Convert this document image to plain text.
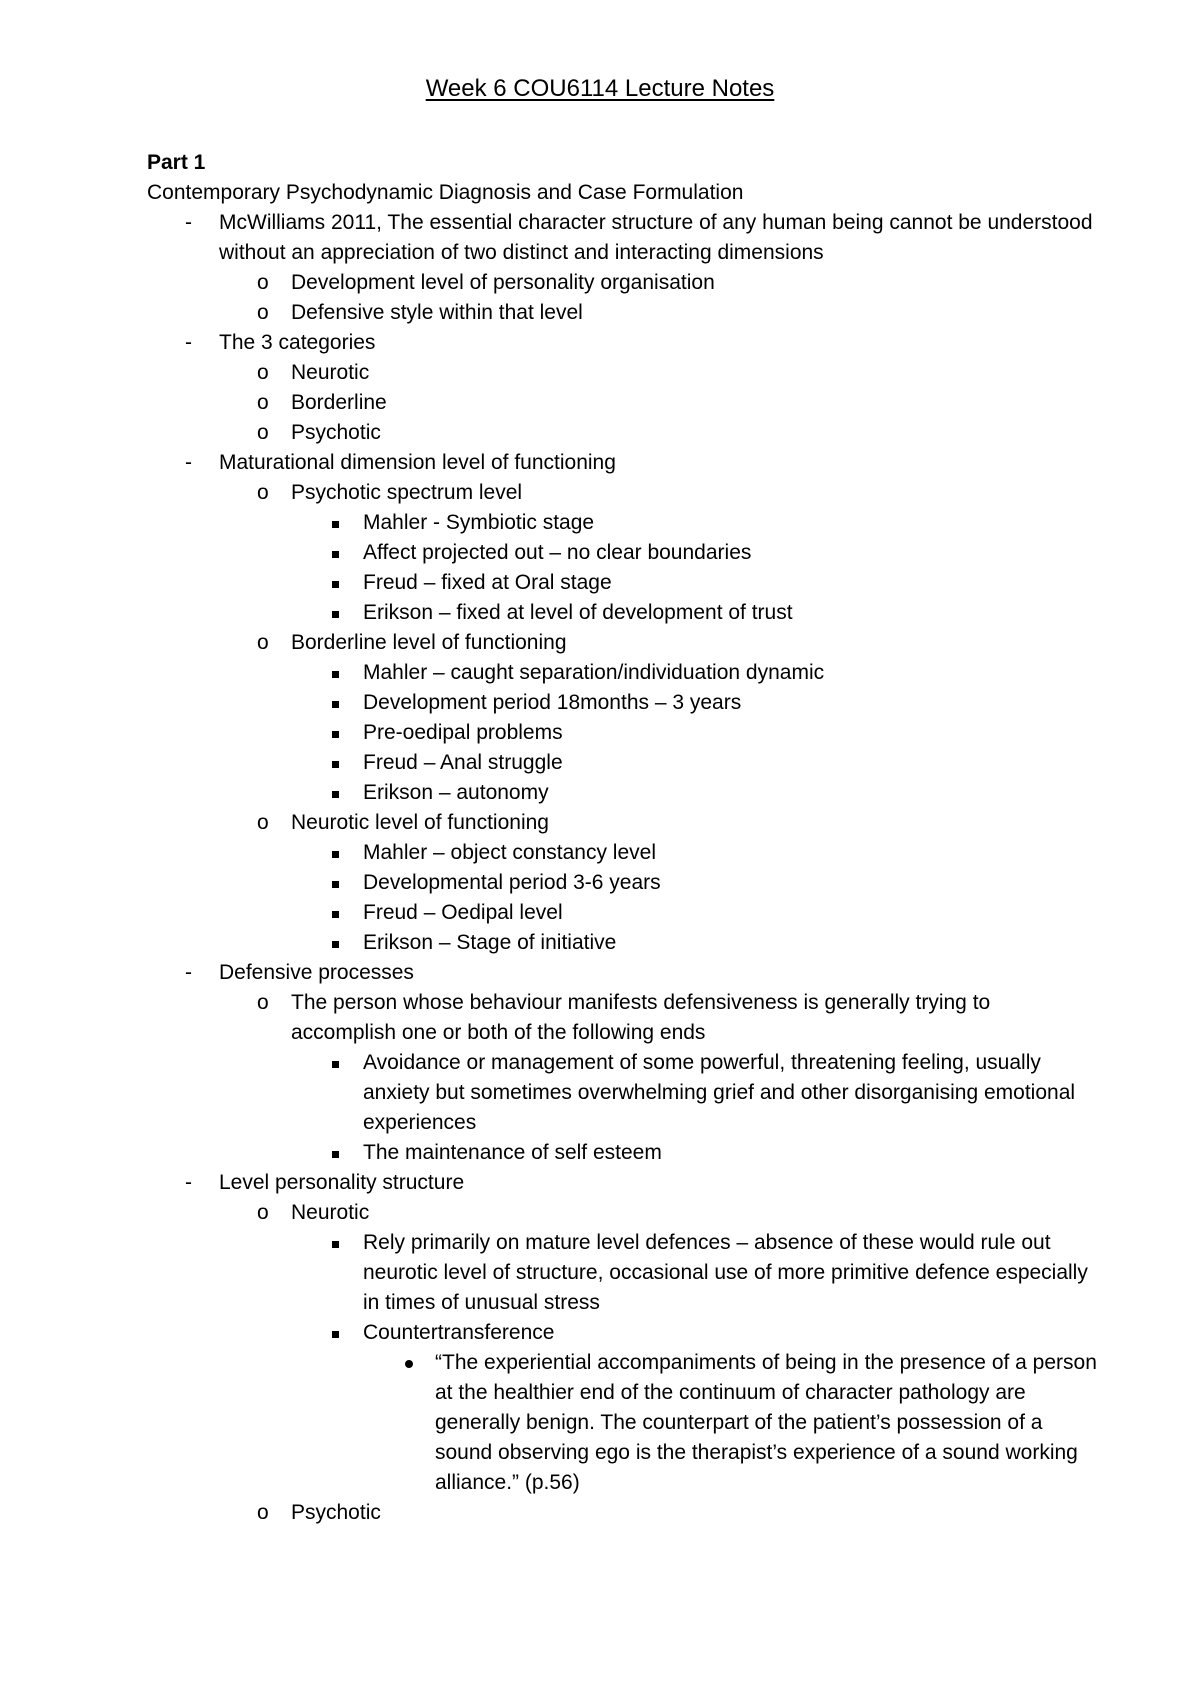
Week 6 COU6114 Lecture Notes

Part 1

Contemporary Psychodynamic Diagnosis and Case Formulation

- McWilliams 2011, The essential character structure of any human being cannot be understood without an appreciation of two distinct and interacting dimensions
o Development level of personality organisation
o Defensive style within that level
- The 3 categories
o Neurotic
o Borderline
o Psychotic
- Maturational dimension level of functioning
o Psychotic spectrum level
Mahler - Symbiotic stage
Affect projected out – no clear boundaries
Freud – fixed at Oral stage
Erikson – fixed at level of development of trust
o Borderline level of functioning
Mahler – caught separation/individuation dynamic
Development period 18months – 3 years
Pre-oedipal problems
Freud – Anal struggle
Erikson – autonomy
o Neurotic level of functioning
Mahler – object constancy level
Developmental period 3-6 years
Freud – Oedipal level
Erikson – Stage of initiative
- Defensive processes
o The person whose behaviour manifests defensiveness is generally trying to accomplish one or both of the following ends
Avoidance or management of some powerful, threatening feeling, usually anxiety but sometimes overwhelming grief and other disorganising emotional experiences
The maintenance of self esteem
- Level personality structure
o Neurotic
Rely primarily on mature level defences – absence of these would rule out neurotic level of structure, occasional use of more primitive defence especially in times of unusual stress
Countertransference
“The experiential accompaniments of being in the presence of a person at the healthier end of the continuum of character pathology are generally benign. The counterpart of the patient’s possession of a sound observing ego is the therapist’s experience of a sound working alliance.” (p.56)
o Psychotic
